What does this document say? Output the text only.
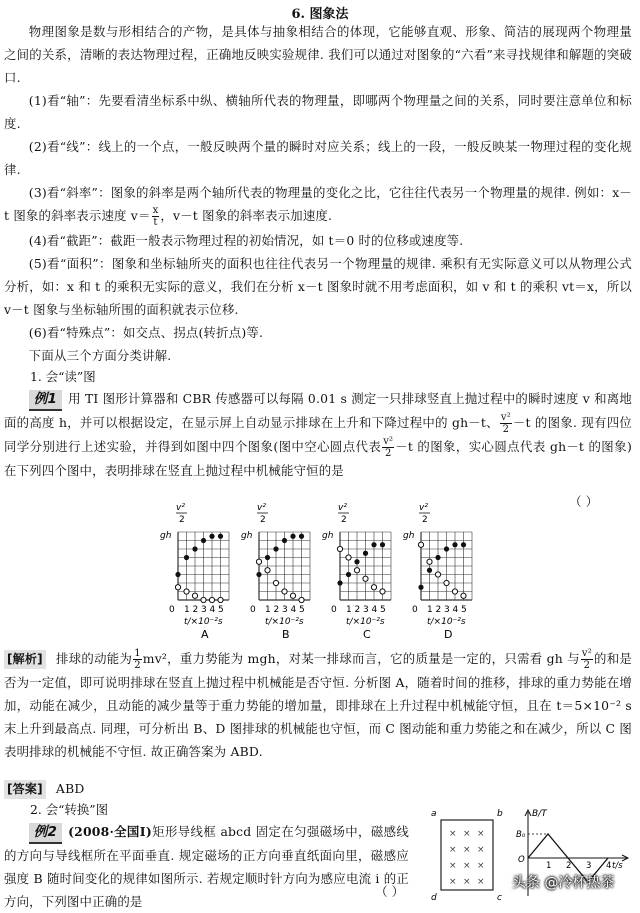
6. 图象法

物理图象是数与形相结合的产物，是具体与抽象相结合的体现，它能够直观、形象、简洁的展现两个物理量之间的关系，清晰的表达物理过程，正确地反映实验规律. 我们可以通过对图象的“六看”来寻找规律和解题的突破口.

(1)看“轴”：先要看清坐标系中纵、横轴所代表的物理量，即哪两个物理量之间的关系，同时要注意单位和标度.

(2)看“线”：线上的一个点，一般反映两个量的瞬时对应关系；线上的一段，一般反映某一物理过程的变化规律.

(3)看“斜率”：图象的斜率是两个轴所代表的物理量的变化之比，它往往代表另一个物理量的规律. 例如：x－t 图象的斜率表示速度 $v= \frac{x}{t}$ ，v－t 图象的斜率表示加速度.

(4)看“截距”：截距一般表示物理过程的初始情况，如 t＝0 时的位移或速度等.

(5)看“面积”：图象和坐标轴所夹的面积也往往代表另一个物理量的规律. 乘积有无实际意义可以从物理公式分析，如：x 和 t 的乘积无实际的意义，我们在分析 x－t 图象时就不用考虑面积，如 v 和 t 的乘积 vt＝x，所以 v－t 图象与坐标轴所围的面积就表示位移.

(6)看“特殊点”：如交点、拐点(转折点)等.

下面从三个方面分类讲解.

1. 会“读”图

例1 用 TI 图形计算器和 CBR 传感器可以每隔 0.01 s 测定一只排球竖直上抛过程中的瞬时速度 v 和离地面的高度 h，并可以根据设定，在显示屏上自动显示排球在上升和下降过程中的 gh－t、 $\frac{\text{v²}}{2} -t$ 的图象. 现有四位同学分别进行上述实验，并得到如图中四个图象(图中空心圆点代表 $\frac{\text{v²}}{2} -t$ 的图象，实心圆点代表 gh－t 的图象)在下列四个图中，表明排球在竖直上抛过程中机械能守恒的是

（ ）
v²
2
gh
0 1 2 3 4 5
t/×10⁻²s
A
v²
2
gh
0 1 2 3 4 5
t/×10⁻²s
B
v²
2
gh
0 1 2 3 4 5
t/×10⁻²s
C
v²
2
gh
0 1 2 3 4 5
t/×10⁻²s
D

[解析] 排球的动能为 $\frac{1}{2} mv^2$，重力势能为 mgh，对某一排球而言，它的质量是一定的，只需看 gh 与 $\frac{\text{v²}}{2}$ 的和是否为一定值，即可说明排球在竖直上抛过程中机械能是否守恒. 分析图 A，随着时间的推移，排球的重力势能在增加，动能在减少，且动能的减少量等于重力势能的增加量，即排球在上升过程中机械能守恒，且在 t＝5×10⁻² s 末上升到最高点. 同理，可分析出 B、D 图排球的机械能也守恒，而 C 图动能和重力势能之和在减少，所以 C 图表明排球的机械能不守恒. 故正确答案为 ABD.

[答案] ABD

2. 会“转换”图

例2 (2008·全国Ⅰ)矩形导线框 abcd 固定在匀强磁场中，磁感线的方向与导线框所在平面垂直. 规定磁场的正方向垂直纸面向里，磁感应强度 B 随时间变化的规律如图所示. 若规定顺时针方向为感应电流 i 的正方向，下列图中正确的是

（ ）
a	b
c
d
× × ×
× × ×
× × ×
× × ×
B/T
B₀
O
1 2 3 4 t/s
头条 @冷杯热茶
